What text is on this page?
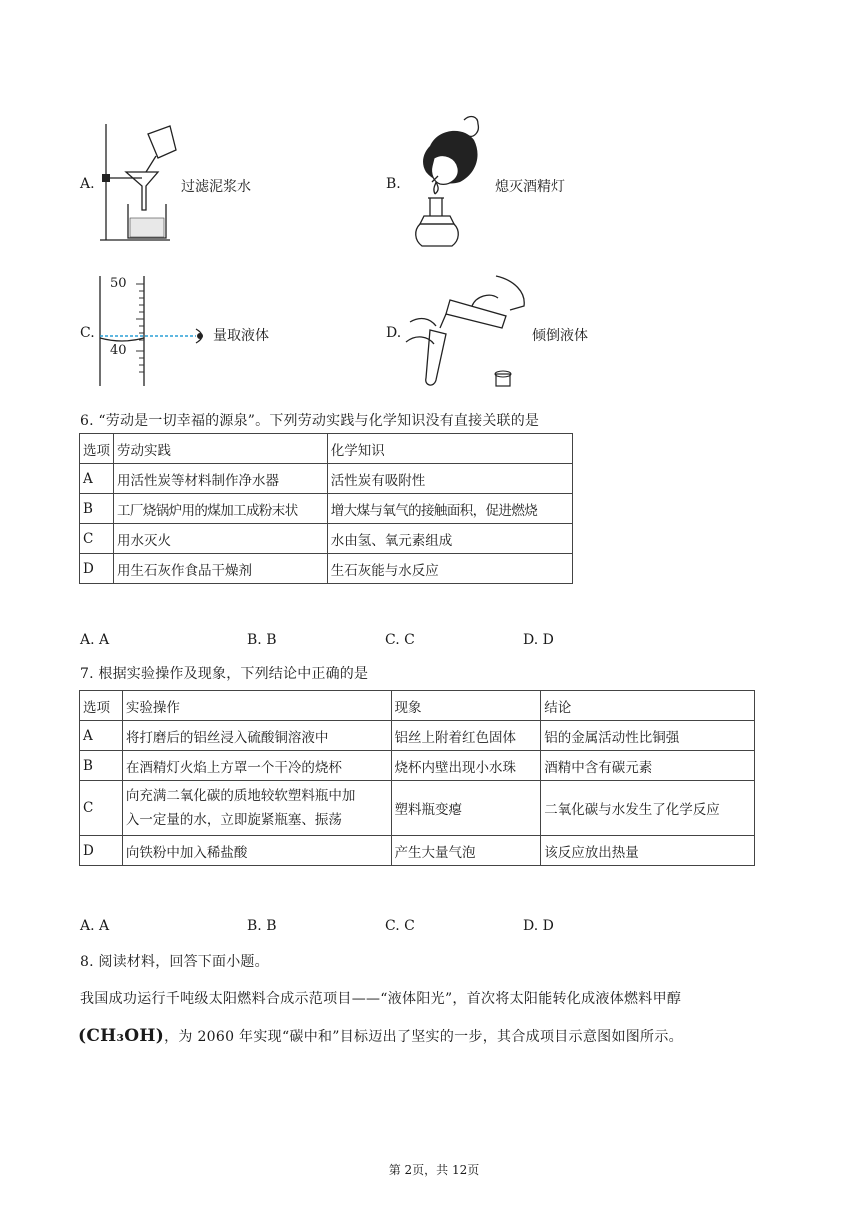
A.	过滤泥浆水	B.	熄灭酒精灯
C.
50
40
量取液体	D.	倾倒液体
6. “劳动是一切幸福的源泉”。下列劳动实践与化学知识没有直接关联的是
选项	劳动实践	化学知识
A	用活性炭等材料制作净水器	活性炭有吸附性
B	工厂烧锅炉用的煤加工成粉末状	增大煤与氧气的接触面积，促进燃烧
C	用水灭火	水由氢、氧元素组成
D	用生石灰作食品干燥剂	生石灰能与水反应
A. A	B. B	C. C	D. D
7. 根据实验操作及现象，下列结论中正确的是
选项	实验操作	现象	结论
A	将打磨后的铝丝浸入硫酸铜溶液中	铝丝上附着红色固体	铝的金属活动性比铜强
B	在酒精灯火焰上方罩一个干冷的烧杯	烧杯内壁出现小水珠	酒精中含有碳元素
C	向充满二氧化碳的质地较软塑料瓶中加
入一定量的水，立即旋紧瓶塞、振荡	塑料瓶变瘪	二氧化碳与水发生了化学反应
D	向铁粉中加入稀盐酸	产生大量气泡	该反应放出热量
A. A	B. B	C. C	D. D
8. 阅读材料，回答下面小题。
我国成功运行千吨级太阳燃料合成示范项目——“液体阳光”，首次将太阳能转化成液体燃料甲醇
(CH₃OH)，为 2060 年实现“碳中和”目标迈出了坚实的一步，其合成项目示意图如图所示。
第 2页，共 12页
